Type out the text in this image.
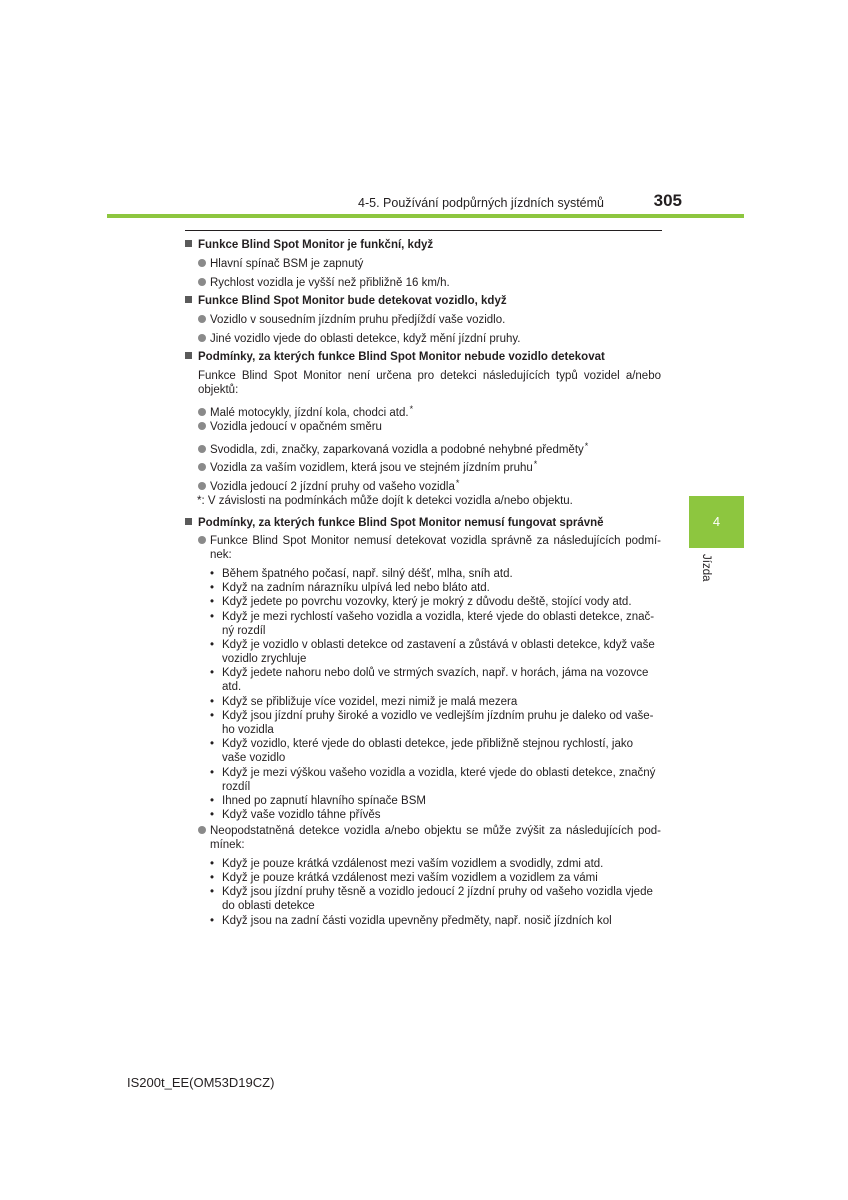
4-5. Používání podpůrných jízdních systémů	305
4
Jízda
Funkce Blind Spot Monitor je funkční, když
Hlavní spínač BSM je zapnutý
Rychlost vozidla je vyšší než přibližně 16 km/h.
Funkce Blind Spot Monitor bude detekovat vozidlo, když
Vozidlo v sousedním jízdním pruhu předjíždí vaše vozidlo.
Jiné vozidlo vjede do oblasti detekce, když mění jízdní pruhy.
Podmínky, za kterých funkce Blind Spot Monitor nebude vozidlo detekovat
Funkce Blind Spot Monitor není určena pro detekci následujících typů vozidel a/nebo
objektů:
Malé motocykly, jízdní kola, chodci atd.*
Vozidla jedoucí v opačném směru
Svodidla, zdi, značky, zaparkovaná vozidla a podobné nehybné předměty*
Vozidla za vaším vozidlem, která jsou ve stejném jízdním pruhu*
Vozidla jedoucí 2 jízdní pruhy od vašeho vozidla*
*: V závislosti na podmínkách může dojít k detekci vozidla a/nebo objektu.
Podmínky, za kterých funkce Blind Spot Monitor nemusí fungovat správně
Funkce Blind Spot Monitor nemusí detekovat vozidla správně za následujících podmí-
nek:
• Během špatného počasí, např. silný déšť, mlha, sníh atd.
• Když na zadním nárazníku ulpívá led nebo bláto atd.
• Když jedete po povrchu vozovky, který je mokrý z důvodu deště, stojící vody atd.
• Když je mezi rychlostí vašeho vozidla a vozidla, které vjede do oblasti detekce, znač-
ný rozdíl
• Když je vozidlo v oblasti detekce od zastavení a zůstává v oblasti detekce, když vaše
vozidlo zrychluje
• Když jedete nahoru nebo dolů ve strmých svazích, např. v horách, jáma na vozovce
atd.
• Když se přibližuje více vozidel, mezi nimiž je malá mezera
• Když jsou jízdní pruhy široké a vozidlo ve vedlejším jízdním pruhu je daleko od vaše-
ho vozidla
• Když vozidlo, které vjede do oblasti detekce, jede přibližně stejnou rychlostí, jako
vaše vozidlo
• Když je mezi výškou vašeho vozidla a vozidla, které vjede do oblasti detekce, značný
rozdíl
• Ihned po zapnutí hlavního spínače BSM
• Když vaše vozidlo táhne přívěs
Neopodstatněná detekce vozidla a/nebo objektu se může zvýšit za následujících pod-
mínek:
• Když je pouze krátká vzdálenost mezi vaším vozidlem a svodidly, zdmi atd.
• Když je pouze krátká vzdálenost mezi vaším vozidlem a vozidlem za vámi
• Když jsou jízdní pruhy těsně a vozidlo jedoucí 2 jízdní pruhy od vašeho vozidla vjede
do oblasti detekce
• Když jsou na zadní části vozidla upevněny předměty, např. nosič jízdních kol
IS200t_EE(OM53D19CZ)
